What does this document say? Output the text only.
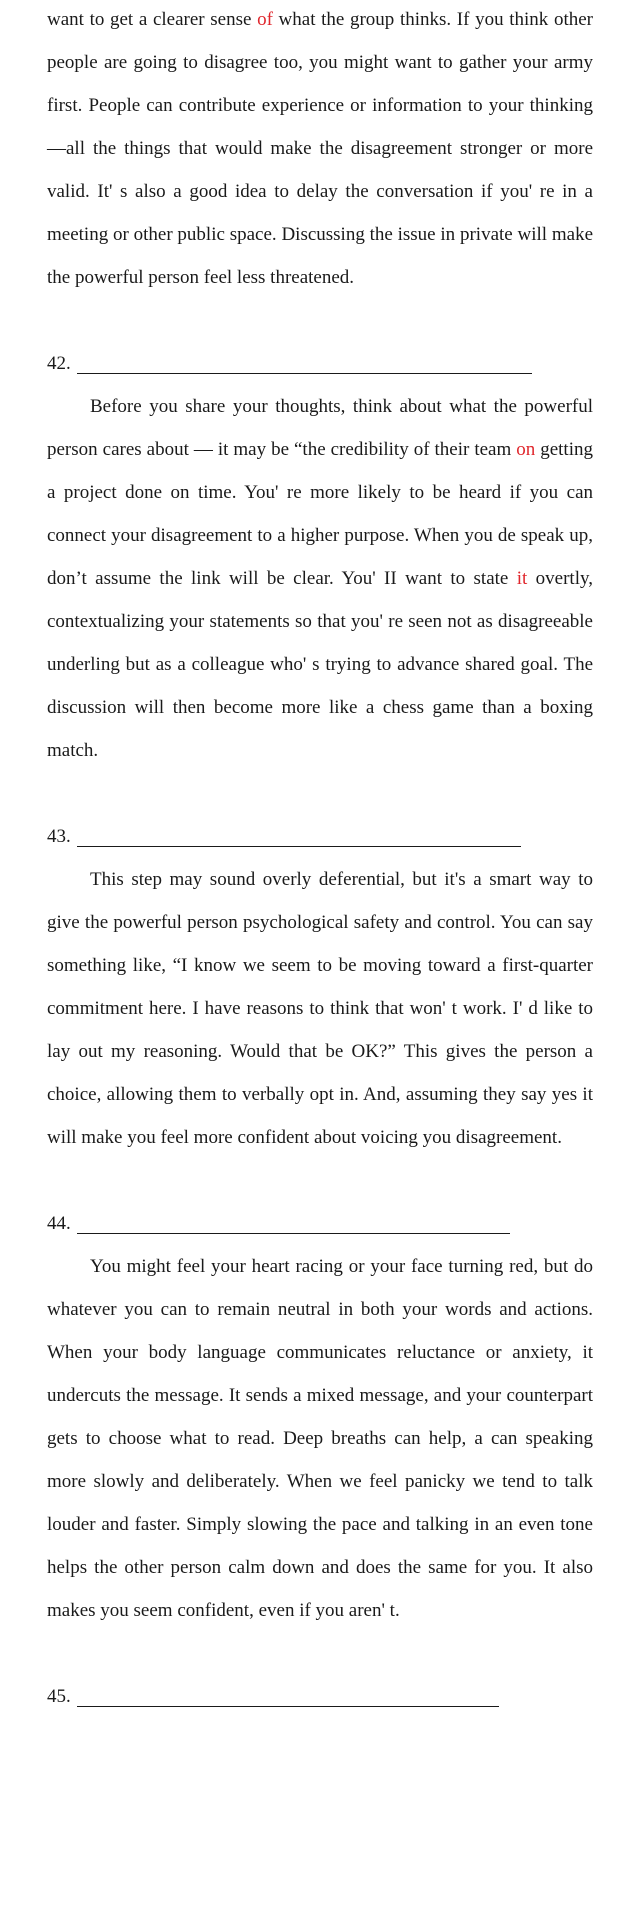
want to get a clearer sense of what the group thinks. If you think other people are going to disagree too, you might want to gather your army first. People can contribute experience or information to your thinking—all the things that would make the disagreement stronger or more valid. It' s also a good idea to delay the conversation if you' re in a meeting or other public space. Discussing the issue in private will make the powerful person feel less threatened.

42.

Before you share your thoughts, think about what the powerful person cares about — it may be “the credibility of their team on getting a project done on time. You' re more likely to be heard if you can connect your disagreement to a higher purpose. When you de speak up, don’t assume the link will be clear. You' II want to state it overtly, contextualizing your statements so that you' re seen not as disagreeable underling but as a colleague who' s trying to advance shared goal. The discussion will then become more like a chess game than a boxing match.

43.

This step may sound overly deferential, but it's a smart way to give the powerful person psychological safety and control. You can say something like, “I know we seem to be moving toward a first-quarter commitment here. I have reasons to think that won' t work. I' d like to lay out my reasoning. Would that be OK?” This gives the person a choice, allowing them to verbally opt in. And, assuming they say yes it will make you feel more confident about voicing you disagreement.

44.

You might feel your heart racing or your face turning red, but do whatever you can to remain neutral in both your words and actions. When your body language communicates reluctance or anxiety, it undercuts the message. It sends a mixed message, and your counterpart gets to choose what to read. Deep breaths can help, a can speaking more slowly and deliberately. When we feel panicky we tend to talk louder and faster. Simply slowing the pace and talking in an even tone helps the other person calm down and does the same for you. It also makes you seem confident, even if you aren' t.

45.
